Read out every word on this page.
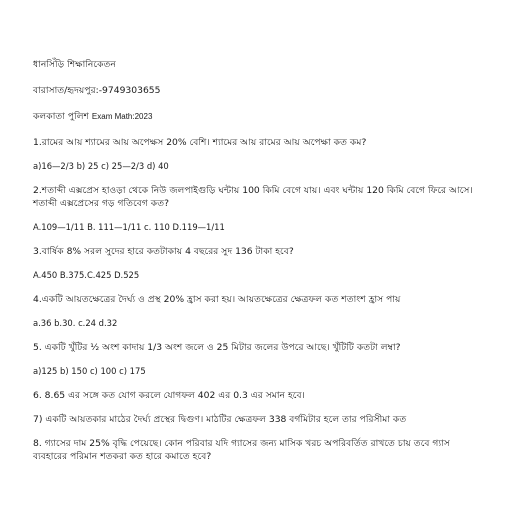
ধানসিঁড়ি শিক্ষানিকেতন

বারাসাত/হৃদয়পুর:-9749303655

কলকাতা পুলিশ Exam Math:2023

1.রামের আয় শ্যামের আয় অপেক্ষস 20% বেশি। শ্যামের আয় রামের আয় অপেক্ষা কত কম?

a)16—2/3 b) 25 c) 25—2/3 d) 40

2.শতাব্দী এক্সপ্রেস হাওড়া থেকে নিউ জলপাইগুড়ি ঘন্টায় 100 কিমি বেগে যায়। এবং ঘন্টায় 120 কিমি বেগে ফিরে আসে। শতাব্দী এক্সপ্রেসের গড় গতিবেগ কত?

A.109—1/11 B. 111—1/11 c. 110 D.119—1/11

3.বার্ষিক 8% সরল সুদের হারে কতটাকায় 4 বছরের সুদ 136 টাকা হবে?

A.450 B.375.C.425 D.525

4.একটি আয়তক্ষেত্রের দৈর্ঘ্য ও প্রস্থ 20% হ্রাস করা হয়। আয়তক্ষেত্রের ক্ষেত্রফল কত শতাংশ হ্রাস পায়

a.36 b.30. c.24 d.32

5. একটি খুঁটির ½ অংশ কাদায় 1/3 অংশ জলে ও 25 মিটার জলের উপরে আছে। খুঁটিটি কতটা লম্বা?

a)125 b) 150 c) 100 c) 175

6. 8.65 এর সঙ্গে কত যোগ করলে যোগফল 402 এর 0.3 এর সমান হবে।

7) একটি আয়তকার মাঠের দৈর্ঘ্য প্রস্থের দ্বিগুণ। মাঠটির ক্ষেত্রফল 338 বর্গমিটার হলে তার পরিসীমা কত

8. গ্যাসের দাম 25% বৃদ্ধি পেয়েছে। কোন পরিবার যদি গ্যাসের জন্য মাসিক খরচ অপরিবর্তিত রাখতে চায় তবে গ্যাস ব্যবহারের পরিমান শতকরা কত হারে কমাতে হবে?
